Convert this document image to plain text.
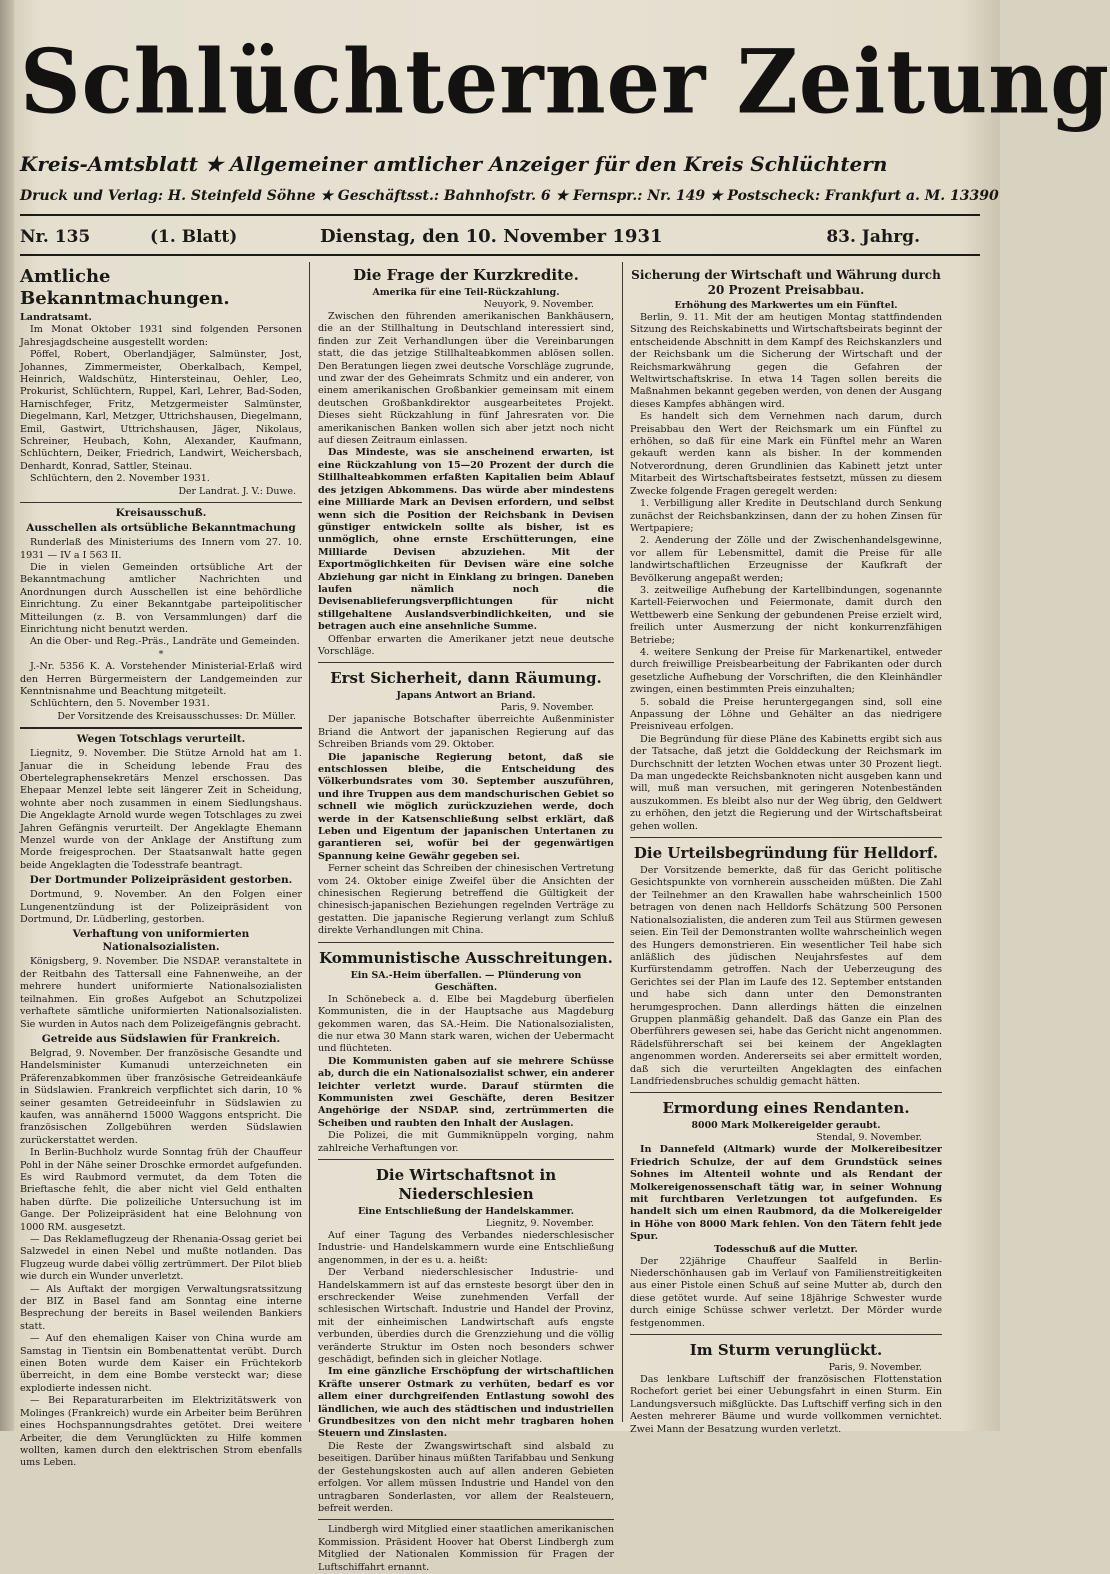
Schlüchterner Zeitung
Kreis-Amtsblatt ★ Allgemeiner amtlicher Anzeiger für den Kreis Schlüchtern
Druck und Verlag: H. Steinfeld Söhne ★ Geschäftsst.: Bahnhofstr. 6 ★ Fernspr.: Nr. 149 ★ Postscheck: Frankfurt a. M. 13390
Nr. 135	(1. Blatt)	Dienstag, den 10. November 1931	83. Jahrg.
Amtliche Bekanntmachungen.
Landratsamt.

Im Monat Oktober 1931 sind folgenden Personen Jahresjagdscheine ausgestellt worden:

Pöffel, Robert, Oberlandjäger, Salmünster, Jost, Johannes, Zimmermeister, Oberkalbach, Kempel, Heinrich, Waldschütz, Hintersteinau, Oehler, Leo, Prokurist, Schlüchtern, Ruppel, Karl, Lehrer, Bad-Soden, Harnischfeger, Fritz, Metzgermeister Salmünster, Diegelmann, Karl, Metzger, Uttrichshausen, Diegelmann, Emil, Gastwirt, Uttrichshausen, Jäger, Nikolaus, Schreiner, Heubach, Kohn, Alexander, Kaufmann, Schlüchtern, Deiker, Friedrich, Landwirt, Weichersbach, Denhardt, Konrad, Sattler, Steinau.

Schlüchtern, den 2. November 1931.

Der Landrat. J. V.: Duwe.
Kreisausschuß.
Ausschellen als ortsübliche Bekanntmachung

Runderlaß des Ministeriums des Innern vom 27. 10. 1931 — IV a I 563 II.

Die in vielen Gemeinden ortsübliche Art der Bekanntmachung amtlicher Nachrichten und Anordnungen durch Ausschellen ist eine behördliche Einrichtung. Zu einer Bekanntgabe parteipolitischer Mitteilungen (z. B. von Versammlungen) darf die Einrichtung nicht benutzt werden.

An die Ober- und Reg.-Präs., Landräte und Gemeinden.

*

J.-Nr. 5356 K. A. Vorstehender Ministerial-Erlaß wird den Herren Bürgermeistern der Landgemeinden zur Kenntnisnahme und Beachtung mitgeteilt.

Schlüchtern, den 5. November 1931.

Der Vorsitzende des Kreisausschusses: Dr. Müller.
Wegen Totschlags verurteilt.

Liegnitz, 9. November. Die Stütze Arnold hat am 1. Januar die in Scheidung lebende Frau des Obertelegraphensekretärs Menzel erschossen. Das Ehepaar Menzel lebte seit längerer Zeit in Scheidung, wohnte aber noch zusammen in einem Siedlungshaus. Die Angeklagte Arnold wurde wegen Totschlages zu zwei Jahren Gefängnis verurteilt. Der Angeklagte Ehemann Menzel wurde von der Anklage der Anstiftung zum Morde freigesprochen. Der Staatsanwalt hatte gegen beide Angeklagten die Todesstrafe beantragt.

Der Dortmunder Polizeipräsident gestorben.

Dortmund, 9. November. An den Folgen einer Lungenentzündung ist der Polizeipräsident von Dortmund, Dr. Lüdberling, gestorben.

Verhaftung von uniformierten Nationalsozialisten.

Königsberg, 9. November. Die NSDAP. veranstaltete in der Reitbahn des Tattersall eine Fahnenweihe, an der mehrere hundert uniformierte Nationalsozialisten teilnahmen. Ein großes Aufgebot an Schutzpolizei verhaftete sämtliche uniformierten Nationalsozialisten. Sie wurden in Autos nach dem Polizeigefängnis gebracht.

Getreide aus Südslawien für Frankreich.

Belgrad, 9. November. Der französische Gesandte und Handelsminister Kumanudi unterzeichneten ein Präferenzabkommen über französische Getreideankäufe in Südslawien. Frankreich verpflichtet sich darin, 10 % seiner gesamten Getreideeinfuhr in Südslawien zu kaufen, was annähernd 15000 Waggons entspricht. Die französischen Zollgebühren werden Südslawien zurückerstattet werden.

In Berlin-Buchholz wurde Sonntag früh der Chauffeur Pohl in der Nähe seiner Droschke ermordet aufgefunden. Es wird Raubmord vermutet, da dem Toten die Brieftasche fehlt, die aber nicht viel Geld enthalten haben dürfte. Die polizeiliche Untersuchung ist im Gange. Der Polizeipräsident hat eine Belohnung von 1000 RM. ausgesetzt.

— Das Reklameflugzeug der Rhenania-Ossag geriet bei Salzwedel in einen Nebel und mußte notlanden. Das Flugzeug wurde dabei völlig zertrümmert. Der Pilot blieb wie durch ein Wunder unverletzt.

— Als Auftakt der morgigen Verwaltungsratssitzung der BIZ in Basel fand am Sonntag eine interne Besprechung der bereits in Basel weilenden Bankiers statt.

— Auf den ehemaligen Kaiser von China wurde am Samstag in Tientsin ein Bombenattentat verübt. Durch einen Boten wurde dem Kaiser ein Früchtekorb überreicht, in dem eine Bombe versteckt war; diese explodierte indessen nicht.

— Bei Reparaturarbeiten im Elektrizitätswerk von Molinges (Frankreich) wurde ein Arbeiter beim Berühren eines Hochspannungsdrahtes getötet. Drei weitere Arbeiter, die dem Verunglückten zu Hilfe kommen wollten, kamen durch den elektrischen Strom ebenfalls ums Leben.

Die Frage der Kurzkredite.
Amerika für eine Teil-Rückzahlung.
Neuyork, 9. November.

Zwischen den führenden amerikanischen Bankhäusern, die an der Stillhaltung in Deutschland interessiert sind, finden zur Zeit Verhandlungen über die Vereinbarungen statt, die das jetzige Stillhalteabkommen ablösen sollen. Den Beratungen liegen zwei deutsche Vorschläge zugrunde, und zwar der des Geheimrats Schmitz und ein anderer, von einem amerikanischen Großbankier gemeinsam mit einem deutschen Großbankdirektor ausgearbeitetes Projekt. Dieses sieht Rückzahlung in fünf Jahresraten vor. Die amerikanischen Banken wollen sich aber jetzt noch nicht auf diesen Zeitraum einlassen.

Das Mindeste, was sie anscheinend erwarten, ist eine Rückzahlung von 15—20 Prozent der durch die Stillhalteabkommen erfaßten Kapitalien beim Ablauf des jetzigen Abkommens. Das würde aber mindestens eine Milliarde Mark an Devisen erfordern, und selbst wenn sich die Position der Reichsbank in Devisen günstiger entwickeln sollte als bisher, ist es unmöglich, ohne ernste Erschütterungen, eine Milliarde Devisen abzuziehen. Mit der Exportmöglichkeiten für Devisen wäre eine solche Abziehung gar nicht in Einklang zu bringen. Daneben laufen nämlich noch die Devisenablieferungsverpflichtungen für nicht stillgehaltene Auslandsverbindlichkeiten, und sie betragen auch eine ansehnliche Summe.

Offenbar erwarten die Amerikaner jetzt neue deutsche Vorschläge.

Erst Sicherheit, dann Räumung.
Japans Antwort an Briand.
Paris, 9. November.

Der japanische Botschafter überreichte Außenminister Briand die Antwort der japanischen Regierung auf das Schreiben Briands vom 29. Oktober.

Die japanische Regierung betont, daß sie entschlossen bleibe, die Entscheidung des Völkerbundsrates vom 30. September auszuführen, und ihre Truppen aus dem mandschurischen Gebiet so schnell wie möglich zurückzuziehen werde, doch werde in der Katsenschließung selbst erklärt, daß Leben und Eigentum der japanischen Untertanen zu garantieren sei, wofür bei der gegenwärtigen Spannung keine Gewähr gegeben sei.

Ferner scheint das Schreiben der chinesischen Vertretung vom 24. Oktober einige Zweifel über die Ansichten der chinesischen Regierung betreffend die Gültigkeit der chinesisch-japanischen Beziehungen regelnden Verträge zu gestatten. Die japanische Regierung verlangt zum Schluß direkte Verhandlungen mit China.

Kommunistische Ausschreitungen.
Ein SA.-Heim überfallen. — Plünderung von Geschäften.

In Schönebeck a. d. Elbe bei Magdeburg überfielen Kommunisten, die in der Hauptsache aus Magdeburg gekommen waren, das SA.-Heim. Die Nationalsozialisten, die nur etwa 30 Mann stark waren, wichen der Uebermacht und flüchteten.

Die Kommunisten gaben auf sie mehrere Schüsse ab, durch die ein Nationalsozialist schwer, ein anderer leichter verletzt wurde. Darauf stürmten die Kommunisten zwei Geschäfte, deren Besitzer Angehörige der NSDAP. sind, zertrümmerten die Scheiben und raubten den Inhalt der Auslagen.

Die Polizei, die mit Gummiknüppeln vorging, nahm zahlreiche Verhaftungen vor.

Die Wirtschaftsnot in Niederschlesien
Eine Entschließung der Handelskammer.
Liegnitz, 9. November.

Auf einer Tagung des Verbandes niederschlesischer Industrie- und Handelskammern wurde eine Entschließung angenommen, in der es u. a. heißt:

Der Verband niederschlesischer Industrie- und Handelskammern ist auf das ernsteste besorgt über den in erschreckender Weise zunehmenden Verfall der schlesischen Wirtschaft. Industrie und Handel der Provinz, mit der einheimischen Landwirtschaft aufs engste verbunden, überdies durch die Grenzziehung und die völlig veränderte Struktur im Osten noch besonders schwer geschädigt, befinden sich in gleicher Notlage.

Im eine gänzliche Erschöpfung der wirtschaftlichen Kräfte unserer Ostmark zu verhüten, bedarf es vor allem einer durchgreifenden Entlastung sowohl des ländlichen, wie auch des städtischen und industriellen Grundbesitzes von den nicht mehr tragbaren hohen Steuern und Zinslasten.

Die Reste der Zwangswirtschaft sind alsbald zu beseitigen. Darüber hinaus müßten Tarifabbau und Senkung der Gestehungskosten auch auf allen anderen Gebieten erfolgen. Vor allem müssen Industrie und Handel von den untragbaren Sonderlasten, vor allem der Realsteuern, befreit werden.

Lindbergh wird Mitglied einer staatlichen amerikanischen Kommission. Präsident Hoover hat Oberst Lindbergh zum Mitglied der Nationalen Kommission für Fragen der Luftschiffahrt ernannt.

Sicherung der Wirtschaft und Währung durch 20 Prozent Preisabbau.
Erhöhung des Markwertes um ein Fünftel.

Berlin, 9. 11. Mit der am heutigen Montag stattfindenden Sitzung des Reichskabinetts und Wirtschaftsbeirats beginnt der entscheidende Abschnitt in dem Kampf des Reichskanzlers und der Reichsbank um die Sicherung der Wirtschaft und der Reichsmarkwährung gegen die Gefahren der Weltwirtschaftskrise. In etwa 14 Tagen sollen bereits die Maßnahmen bekannt gegeben werden, von denen der Ausgang dieses Kampfes abhängen wird.

Es handelt sich dem Vernehmen nach darum, durch Preisabbau den Wert der Reichsmark um ein Fünftel zu erhöhen, so daß für eine Mark ein Fünftel mehr an Waren gekauft werden kann als bisher. In der kommenden Notverordnung, deren Grundlinien das Kabinett jetzt unter Mitarbeit des Wirtschaftsbeirates festsetzt, müssen zu diesem Zwecke folgende Fragen geregelt werden:

1. Verbilligung aller Kredite in Deutschland durch Senkung zunächst der Reichsbankzinsen, dann der zu hohen Zinsen für Wertpapiere;

2. Aenderung der Zölle und der Zwischenhandelsgewinne, vor allem für Lebensmittel, damit die Preise für alle landwirtschaftlichen Erzeugnisse der Kaufkraft der Bevölkerung angepaßt werden;

3. zeitweilige Aufhebung der Kartellbindungen, sogenannte Kartell-Feierwochen und Feiermonate, damit durch den Wettbewerb eine Senkung der gebundenen Preise erzielt wird, freilich unter Ausmerzung der nicht konkurrenzfähigen Betriebe;

4. weitere Senkung der Preise für Markenartikel, entweder durch freiwillige Preisbearbeitung der Fabrikanten oder durch gesetzliche Aufhebung der Vorschriften, die den Kleinhändler zwingen, einen bestimmten Preis einzuhalten;

5. sobald die Preise heruntergegangen sind, soll eine Anpassung der Löhne und Gehälter an das niedrigere Preisniveau erfolgen.

Die Begründung für diese Pläne des Kabinetts ergibt sich aus der Tatsache, daß jetzt die Golddeckung der Reichsmark im Durchschnitt der letzten Wochen etwas unter 30 Prozent liegt. Da man ungedeckte Reichsbanknoten nicht ausgeben kann und will, muß man versuchen, mit geringeren Notenbeständen auszukommen. Es bleibt also nur der Weg übrig, den Geldwert zu erhöhen, den jetzt die Regierung und der Wirtschaftsbeirat gehen wollen.

Die Urteilsbegründung für Helldorf.

Der Vorsitzende bemerkte, daß für das Gericht politische Gesichtspunkte von vornherein ausscheiden müßten. Die Zahl der Teilnehmer an den Krawallen habe wahrscheinlich 1500 betragen von denen nach Helldorfs Schätzung 500 Personen Nationalsozialisten, die anderen zum Teil aus Stürmen gewesen seien. Ein Teil der Demonstranten wollte wahrscheinlich wegen des Hungers demonstrieren. Ein wesentlicher Teil habe sich anläßlich des jüdischen Neujahrsfestes auf dem Kurfürstendamm getroffen. Nach der Ueberzeugung des Gerichtes sei der Plan im Laufe des 12. September entstanden und habe sich dann unter den Demonstranten herumgesprochen. Dann allerdings hätten die einzelnen Gruppen planmäßig gehandelt. Daß das Ganze ein Plan des Oberführers gewesen sei, habe das Gericht nicht angenommen. Rädelsführerschaft sei bei keinem der Angeklagten angenommen worden. Andererseits sei aber ermittelt worden, daß sich die verurteilten Angeklagten des einfachen Landfriedensbruches schuldig gemacht hätten.

Ermordung eines Rendanten.
8000 Mark Molkereigelder geraubt.
Stendal, 9. November.

In Dannefeld (Altmark) wurde der Molkereibesitzer Friedrich Schulze, der auf dem Grundstück seines Sohnes im Altenteil wohnte und als Rendant der Molkereigenossenschaft tätig war, in seiner Wohnung mit furchtbaren Verletzungen tot aufgefunden. Es handelt sich um einen Raubmord, da die Molkereigelder in Höhe von 8000 Mark fehlen. Von den Tätern fehlt jede Spur.

Todesschuß auf die Mutter.

Der 22jährige Chauffeur Saalfeld in Berlin-Niederschönhausen gab im Verlauf von Familienstreitigkeiten aus einer Pistole einen Schuß auf seine Mutter ab, durch den diese getötet wurde. Auf seine 18jährige Schwester wurde durch einige Schüsse schwer verletzt. Der Mörder wurde festgenommen.

Im Sturm verunglückt.
Paris, 9. November.

Das lenkbare Luftschiff der französischen Flottenstation Rochefort geriet bei einer Uebungsfahrt in einen Sturm. Ein Landungsversuch mißglückte. Das Luftschiff verfing sich in den Aesten mehrerer Bäume und wurde vollkommen vernichtet. Zwei Mann der Besatzung wurden verletzt.
